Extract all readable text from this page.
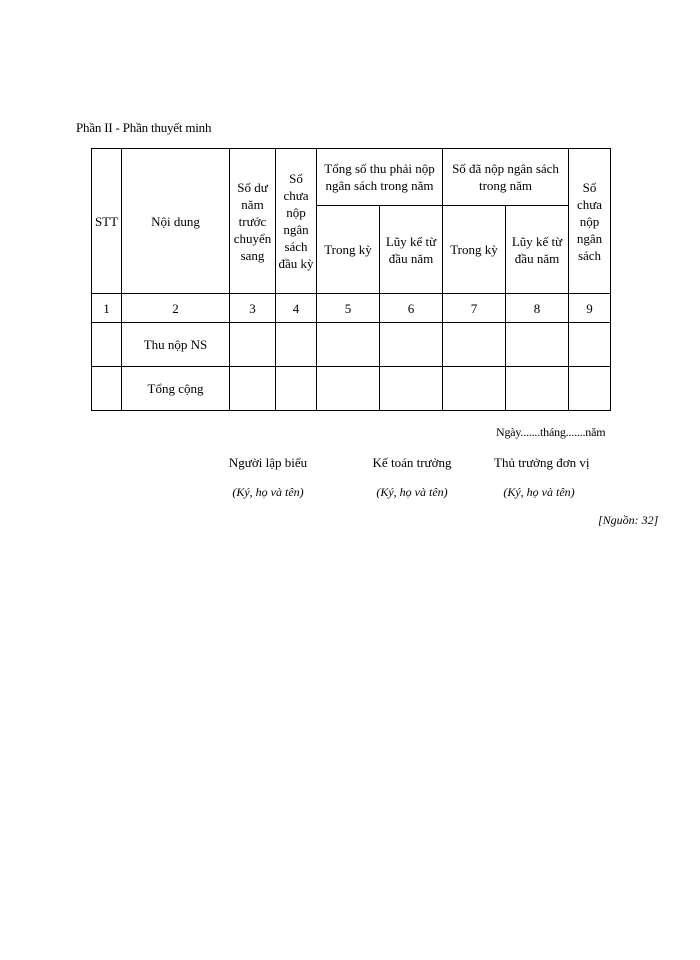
Phần II - Phần thuyết minh
STT	Nội dung	Số dư năm trước chuyển sang	Số chưa nộp ngân sách đầu kỳ	Tổng số thu phải nộp ngân sách trong năm		Số đã nộp ngân sách trong năm		Số chưa nộp ngân sách
				Trong kỳ	Lũy kế từ đầu năm	Trong kỳ	Lũy kế từ đầu năm	
1	2	3	4	5	6	7	8	9
	Thu nộp NS							
	Tổng cộng							
Ngày.......tháng.......năm
Người lập biểu
(Ký, họ và tên)
Kế toán trưởng
(Ký, họ và tên)
Thủ trưởng đơn vị
(Ký, họ và tên)
[Nguồn: 32]
